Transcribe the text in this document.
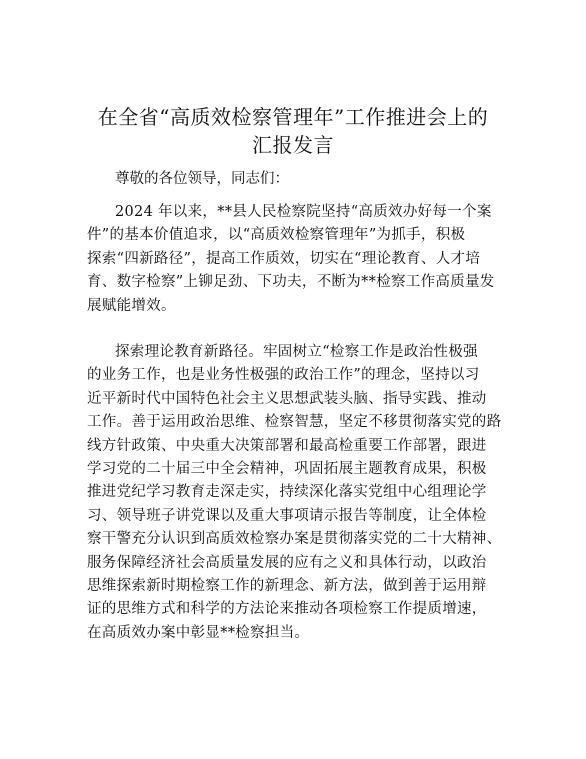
在全省“高质效检察管理年”工作推进会上的
汇报发言

尊敬的各位领导，同志们：

2024 年以来，**县人民检察院坚持“高质效办好每一个案
件”的基本价值追求，以“高质效检察管理年”为抓手，积极
探索“四新路径”，提高工作质效，切实在“理论教育、人才培
育、数字检察”上铆足劲、下功夫，不断为**检察工作高质量发
展赋能增效。

探索理论教育新路径。牢固树立“检察工作是政治性极强
的业务工作，也是业务性极强的政治工作”的理念，坚持以习
近平新时代中国特色社会主义思想武装头脑、指导实践、推动
工作。善于运用政治思维、检察智慧，坚定不移贯彻落实党的路
线方针政策、中央重大决策部署和最高检重要工作部署，跟进
学习党的二十届三中全会精神，巩固拓展主题教育成果，积极
推进党纪学习教育走深走实，持续深化落实党组中心组理论学
习、领导班子讲党课以及重大事项请示报告等制度，让全体检
察干警充分认识到高质效检察办案是贯彻落实党的二十大精神、
服务保障经济社会高质量发展的应有之义和具体行动，以政治
思维探索新时期检察工作的新理念、新方法，做到善于运用辩
证的思维方式和科学的方法论来推动各项检察工作提质增速，
在高质效办案中彰显**检察担当。
